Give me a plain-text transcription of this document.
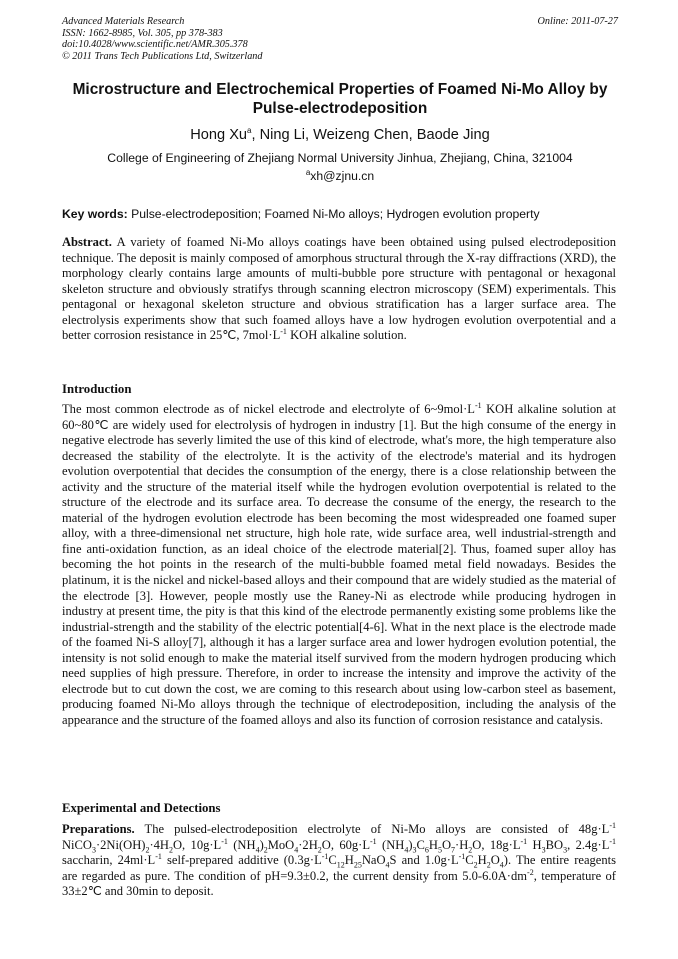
Advanced Materials Research
ISSN: 1662-8985, Vol. 305, pp 378-383
doi:10.4028/www.scientific.net/AMR.305.378
© 2011 Trans Tech Publications Ltd, Switzerland
Online: 2011-07-27
Microstructure and Electrochemical Properties of Foamed Ni-Mo Alloy by Pulse-electrodeposition
Hong Xu$^a$, Ning Li, Weizeng Chen, Baode Jing
College of Engineering of Zhejiang Normal University Jinhua, Zhejiang, China, 321004
$^a$xh@zjnu.cn
Key words: Pulse-electrodeposition; Foamed Ni-Mo alloys; Hydrogen evolution property
Abstract. A variety of foamed Ni-Mo alloys coatings have been obtained using pulsed electrodeposition technique. The deposit is mainly composed of amorphous structural through the X-ray diffractions (XRD), the morphology clearly contains large amounts of multi-bubble pore structure with pentagonal or hexagonal skeleton structure and obviously stratifys through scanning electron microscopy (SEM) experimentals. This pentagonal or hexagonal skeleton structure and obvious stratification has a larger surface area. The electrolysis experiments show that such foamed alloys have a low hydrogen evolution overpotential and a better corrosion resistance in 25℃, $7mol\cdot L^{-1}$ KOH alkaline solution.
Introduction
The most common electrode as of nickel electrode and electrolyte of $6\sim 9mol\cdot L^{-1}$ KOH alkaline solution at 60~80℃ are widely used for electrolysis of hydrogen in industry [1]. But the high consume of the energy in negative electrode has severly limited the use of this kind of electrode, what's more, the high temperature also decreased the stability of the electrolyte. It is the activity of the electrode's material and its hydrogen evolution overpotential that decides the consumption of the energy, there is a close relationship between the activity and the structure of the material itself while the hydrogen evolution overpotential is related to the structure of the electrode and its surface area. To decrease the consume of the energy, the research to the material of the hydrogen evolution electrode has been becoming the most widespreaded one foamed super alloy, with a three-dimensional net structure, high hole rate, wide surface area, well industrial-strength and fine anti-oxidation function, as an ideal choice of the electrode material[2]. Thus, foamed super alloy has becoming the hot points in the research of the multi-bubble foamed metal field nowadays. Besides the platinum, it is the nickel and nickel-based alloys and their compound that are widely studied as the material of the electrode [3]. However, people mostly use the Raney-Ni as electrode while producing hydrogen in industry at present time, the pity is that this kind of the electrode permanently existing some problems like the industrial-strength and the stability of the electric potential[4-6]. What in the next place is the electrode made of the foamed Ni-S alloy[7], although it has a larger surface area and lower hydrogen evolution potential, the intensity is not solid enough to make the material itself survived from the modern hydrogen producing which need supplies of high pressure. Therefore, in order to increase the intensity and improve the activity of the electrode but to cut down the cost, we are coming to this research about using low-carbon steel as basement, producing foamed Ni-Mo alloys through the technique of electrodeposition, including the analysis of the appearance and the structure of the foamed alloys and also its function of corrosion resistance and catalysis.
Experimental and Detections
Preparations. The pulsed-electrodeposition electrolyte of Ni-Mo alloys are consisted of $48g\cdot L^{-1}$ $NiCO_3\cdot 2Ni(OH)_2\cdot 4H_2O$, $10g\cdot L^{-1}$ $(NH_4)_2MoO_4\cdot 2H_2O$, $60g\cdot L^{-1}$ $(NH_4)_3C_6H_5O_7\cdot H_2O$, $18g\cdot L^{-1}$ $H_3BO_3$, $2.4g\cdot L^{-1}$ saccharin, $24ml\cdot L^{-1}$ self-prepared additive ($0.3g\cdot L^{-1}C_{12}H_{25}NaO_4S$ and $1.0g\cdot L^{-1}C_2H_2O_4$). The entire reagents are regarded as pure. The condition of pH=9.3±0.2, the current density from $5.0-6.0A\cdot dm^{-2}$, temperature of 33±2℃ and 30min to deposit.
